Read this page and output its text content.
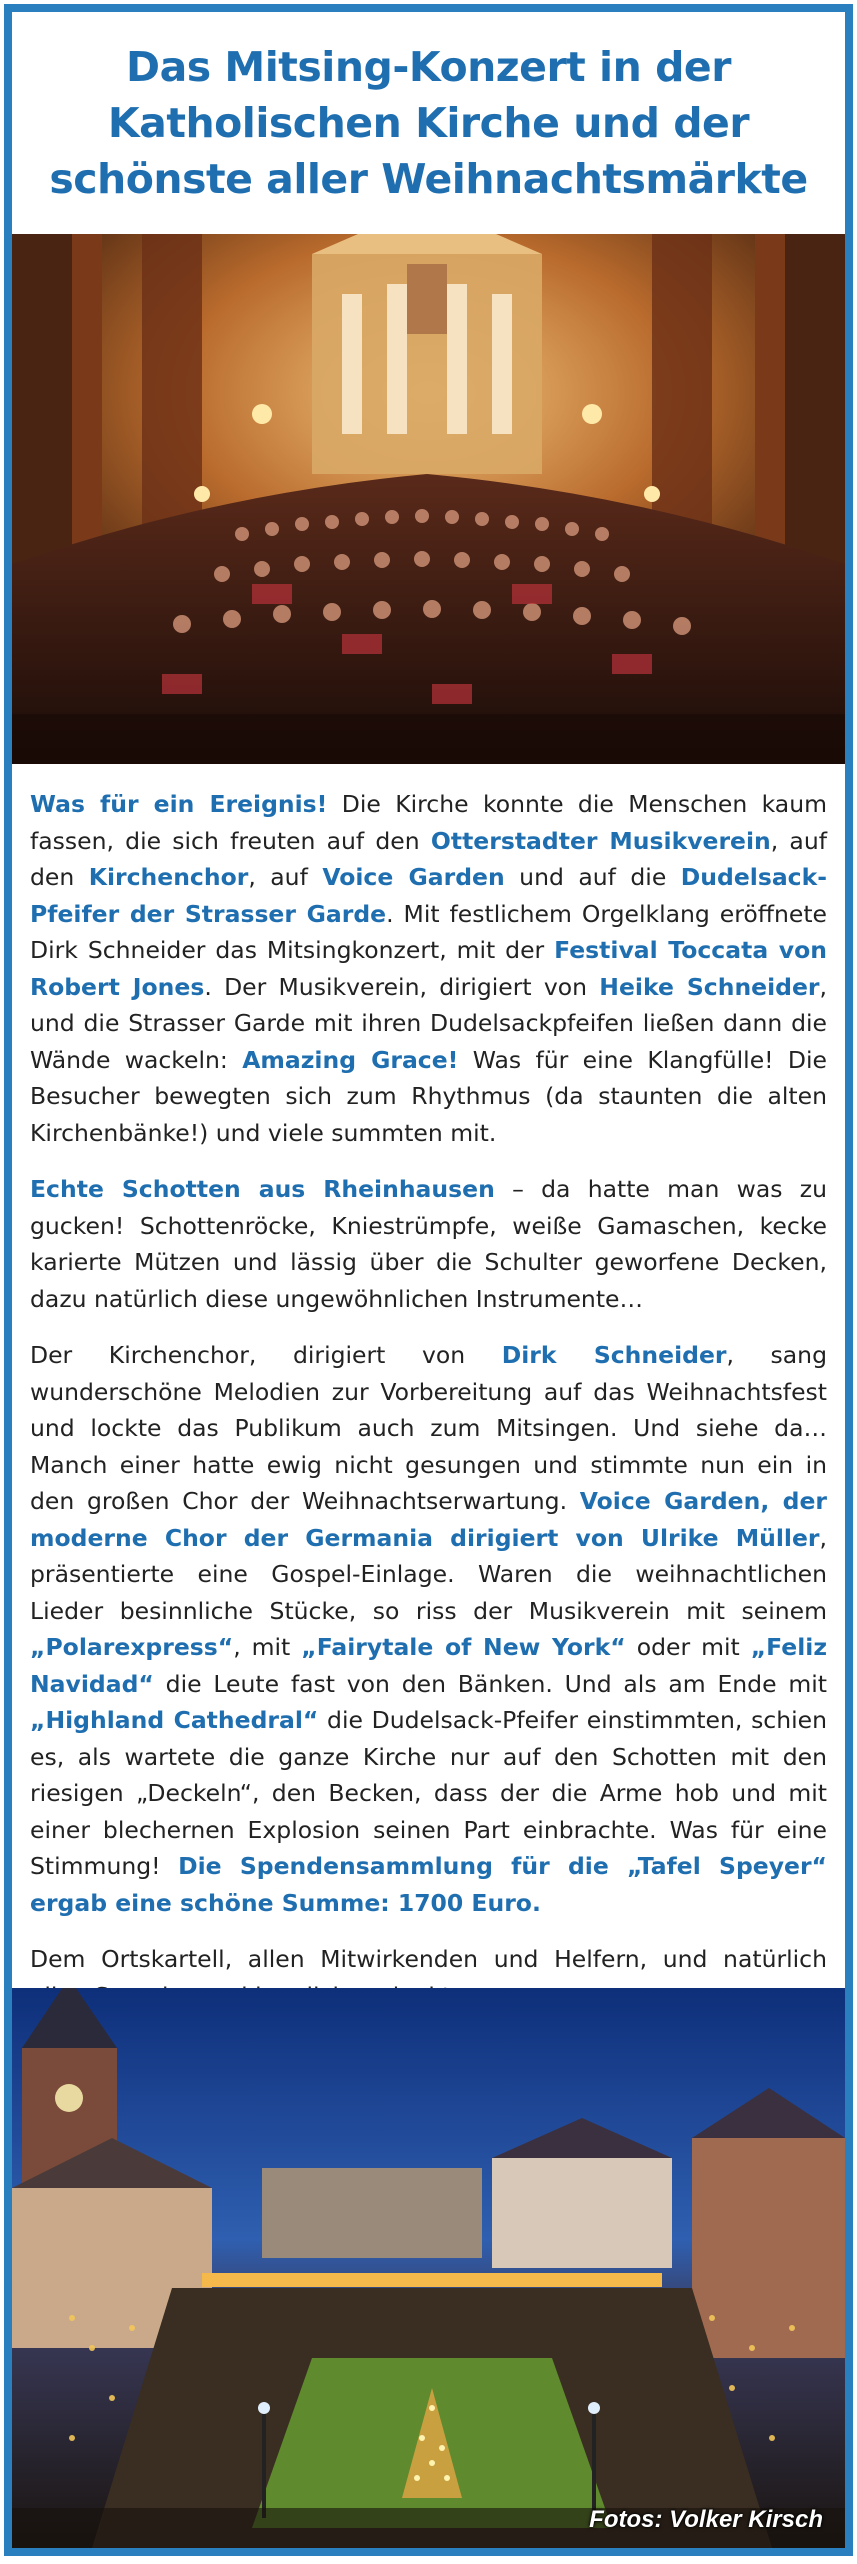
Das Mitsing-Konzert in der Katholischen Kirche und der schönste aller Weihnachtsmärkte

Was für ein Ereignis! Die Kirche konnte die Menschen kaum fassen, die sich freuten auf den Otterstadter Musikverein, auf den Kirchenchor, auf Voice Garden und auf die Dudelsack-Pfeifer der Strasser Garde. Mit festlichem Orgelklang eröffnete Dirk Schneider das Mitsingkonzert, mit der Festival Toccata von Robert Jones. Der Musikverein, dirigiert von Heike Schneider, und die Strasser Garde mit ihren Dudelsackpfeifen ließen dann die Wände wackeln: Amazing Grace! Was für eine Klangfülle! Die Besucher bewegten sich zum Rhythmus (da staunten die alten Kirchenbänke!) und viele summten mit.

Echte Schotten aus Rheinhausen – da hatte man was zu gucken! Schottenröcke, Kniestrümpfe, weiße Gamaschen, kecke karierte Mützen und lässig über die Schulter geworfene Decken, dazu natürlich diese ungewöhnlichen Instrumente…

Der Kirchenchor, dirigiert von Dirk Schneider, sang wunderschöne Melodien zur Vorbereitung auf das Weihnachtsfest und lockte das Publikum auch zum Mitsingen. Und siehe da… Manch einer hatte ewig nicht gesungen und stimmte nun ein in den großen Chor der Weihnachtserwartung. Voice Garden, der moderne Chor der Germania dirigiert von Ulrike Müller, präsentierte eine Gospel-Einlage. Waren die weihnachtlichen Lieder besinnliche Stücke, so riss der Musikverein mit seinem „Polarexpress“, mit „Fairytale of New York“ oder mit „Feliz Navidad“ die Leute fast von den Bänken. Und als am Ende mit „Highland Cathedral“ die Dudelsack-Pfeifer einstimmten, schien es, als wartete die ganze Kirche nur auf den Schotten mit den riesigen „Deckeln“, den Becken, dass der die Arme hob und mit einer blechernen Explosion seinen Part einbrachte. Was für eine Stimmung! Die Spendensammlung für die „Tafel Speyer“ ergab eine schöne Summe: 1700 Euro.

Dem Ortskartell, allen Mitwirkenden und Helfern, und natürlich

Fotos: Volker Kirsch
